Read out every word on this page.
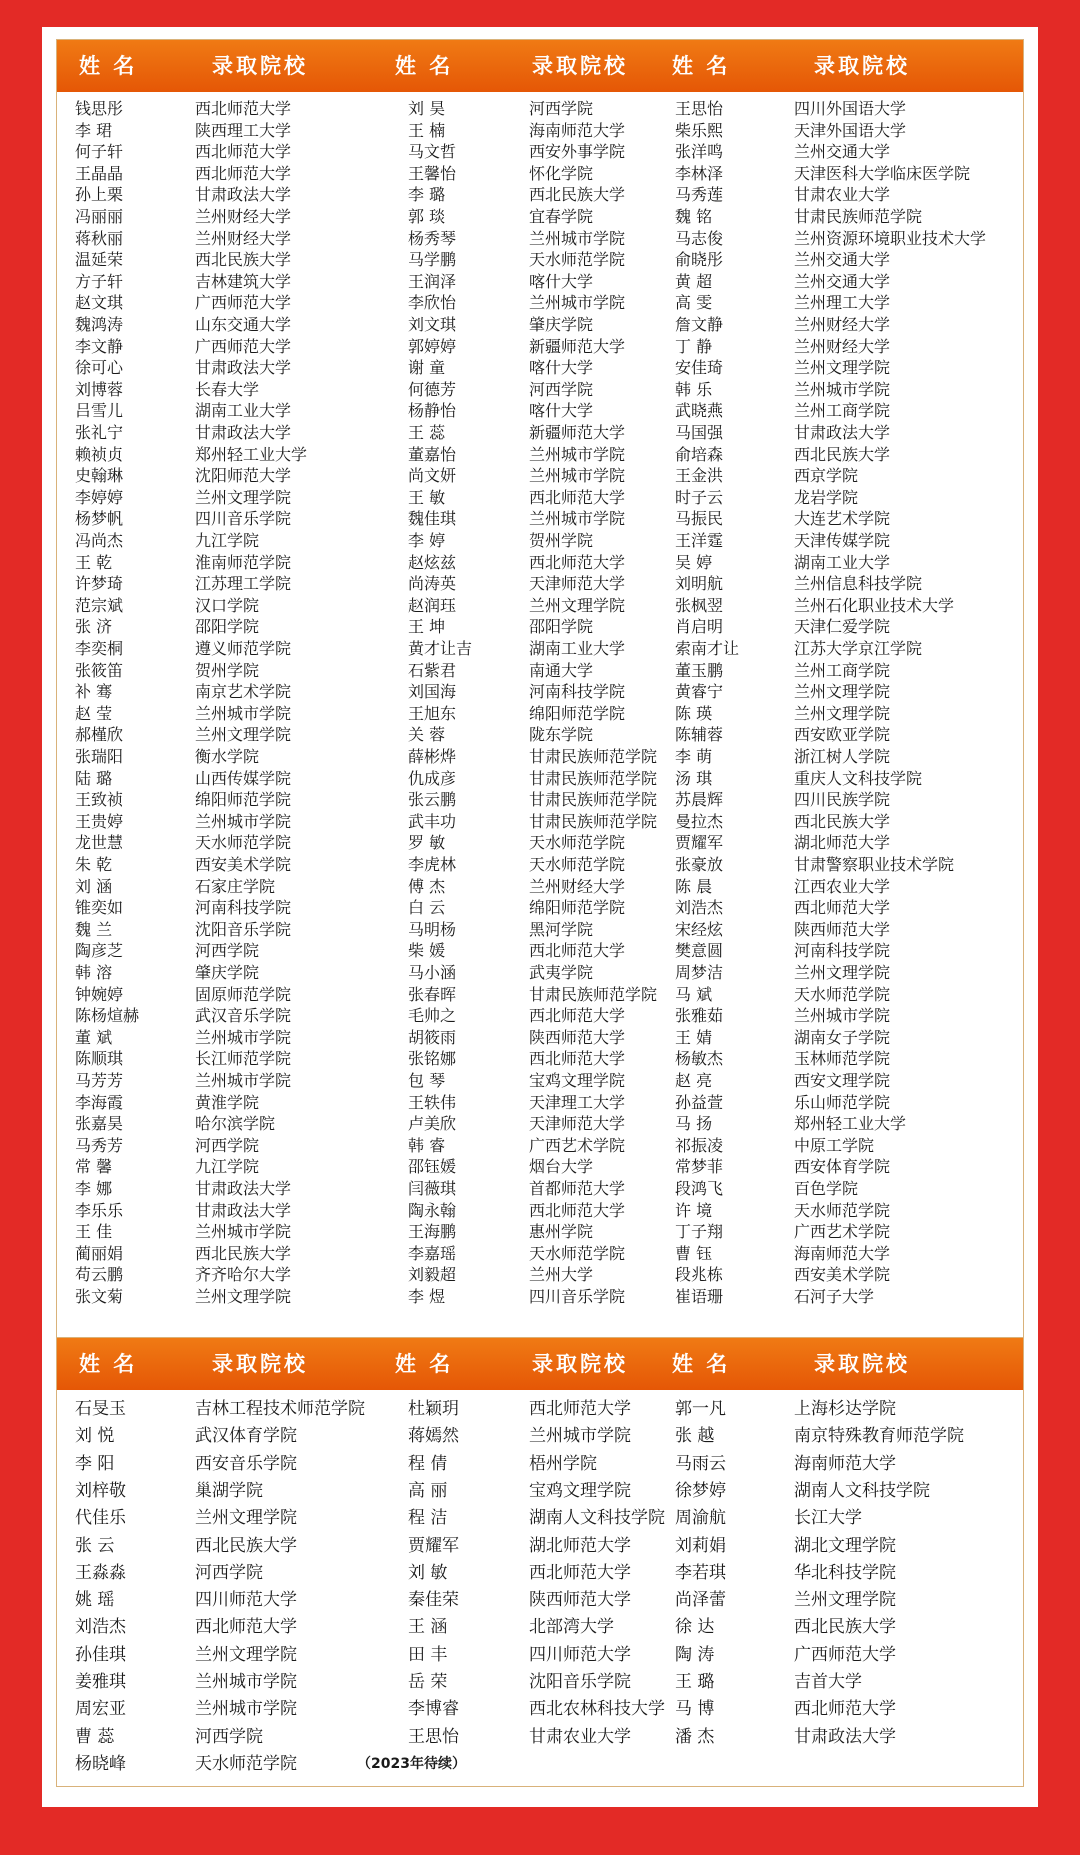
姓 名	录取院校	姓 名	录取院校 姓 名	录取院校
钱思彤	西北师范大学	刘 昊	河西学院	王思怡	四川外国语大学
李 珺	陕西理工大学	王 楠	海南师范大学	柴乐熙	天津外国语大学
何子轩	西北师范大学	马文哲	西安外事学院	张洋鸣	兰州交通大学
王晶晶	西北师范大学	王馨怡	怀化学院	李林泽	天津医科大学临床医学院
孙上栗	甘肃政法大学	李 璐	西北民族大学	马秀莲	甘肃农业大学
冯丽丽	兰州财经大学	郭 琰	宜春学院	魏 铭	甘肃民族师范学院
蒋秋丽	兰州财经大学	杨秀琴	兰州城市学院	马志俊	兰州资源环境职业技术大学
温延荣	西北民族大学	马学鹏	天水师范学院	俞晓彤	兰州交通大学
方子轩	吉林建筑大学	王润泽	喀什大学	黄 超	兰州交通大学
赵文琪	广西师范大学	李欣怡	兰州城市学院	高 雯	兰州理工大学
魏鸿涛	山东交通大学	刘文琪	肇庆学院	詹文静	兰州财经大学
李文静	广西师范大学	郭婷婷	新疆师范大学	丁 静	兰州财经大学
徐可心	甘肃政法大学	谢 童	喀什大学	安佳琦	兰州文理学院
刘博蓉	长春大学	何德芳	河西学院	韩 乐	兰州城市学院
吕雪儿	湖南工业大学	杨静怡	喀什大学	武晓燕	兰州工商学院
张礼宁	甘肃政法大学	王 蕊	新疆师范大学	马国强	甘肃政法大学
赖祯贞	郑州轻工业大学	董嘉怡	兰州城市学院	俞培森	西北民族大学
史翰琳	沈阳师范大学	尚文妍	兰州城市学院	王金洪	西京学院
李婷婷	兰州文理学院	王 敏	西北师范大学	时子云	龙岩学院
杨梦帆	四川音乐学院	魏佳琪	兰州城市学院	马振民	大连艺术学院
冯尚杰	九江学院	李 婷	贺州学院	王洋霆	天津传媒学院
王 乾	淮南师范学院	赵炫兹	西北师范大学	吴 婷	湖南工业大学
许梦琦	江苏理工学院	尚涛英	天津师范大学	刘明航	兰州信息科技学院
范宗斌	汉口学院	赵润珏	兰州文理学院	张枫翌	兰州石化职业技术大学
张 济	邵阳学院	王 坤	邵阳学院	肖启明	天津仁爱学院
李奕桐	遵义师范学院	黄才让吉	湖南工业大学	索南才让	江苏大学京江学院
张筱笛	贺州学院	石紫君	南通大学	董玉鹏	兰州工商学院
补 骞	南京艺术学院	刘国海	河南科技学院	黄睿宁	兰州文理学院
赵 莹	兰州城市学院	王旭东	绵阳师范学院	陈 瑛	兰州文理学院
郝槿欣	兰州文理学院	关 蓉	陇东学院	陈辅蓉	西安欧亚学院
张瑞阳	衡水学院	薛彬烨	甘肃民族师范学院 李 萌	浙江树人学院
陆 璐	山西传媒学院	仇成彦	甘肃民族师范学院 汤 琪	重庆人文科技学院
王致祯	绵阳师范学院	张云鹏	甘肃民族师范学院 苏晨辉	四川民族学院
王贵婷	兰州城市学院	武丰功	甘肃民族师范学院 曼拉杰	西北民族大学
龙世慧	天水师范学院	罗 敏	天水师范学院	贾耀军	湖北师范大学
朱 乾	西安美术学院	李虎林	天水师范学院	张豪放	甘肃警察职业技术学院
刘 涵	石家庄学院	傅 杰	兰州财经大学	陈 晨	江西农业大学
锥奕如	河南科技学院	白 云	绵阳师范学院	刘浩杰	西北师范大学
魏 兰	沈阳音乐学院	马明杨	黑河学院	宋经炫	陕西师范大学
陶彦芝	河西学院	柴 媛	西北师范大学	樊意圆	河南科技学院
韩 溶	肇庆学院	马小涵	武夷学院	周梦洁	兰州文理学院
钟婉婷	固原师范学院	张春晖	甘肃民族师范学院 马 斌	天水师范学院
陈杨煊赫	武汉音乐学院	毛帅之	西北师范大学	张雅茹	兰州城市学院
董 斌	兰州城市学院	胡筱雨	陕西师范大学	王 婧	湖南女子学院
陈顺琪	长江师范学院	张铭娜	西北师范大学	杨敏杰	玉林师范学院
马芳芳	兰州城市学院	包 琴	宝鸡文理学院	赵 亮	西安文理学院
李海霞	黄淮学院	王轶伟	天津理工大学	孙益萱	乐山师范学院
张嘉昊	哈尔滨学院	卢美欣	天津师范大学	马 扬	郑州轻工业大学
马秀芳	河西学院	韩 睿	广西艺术学院	祁振凌	中原工学院
常 馨	九江学院	邵钰媛	烟台大学	常梦菲	西安体育学院
李 娜	甘肃政法大学	闫薇琪	首都师范大学	段鸿飞	百色学院
李乐乐	甘肃政法大学	陶永翰	西北师范大学	许 境	天水师范学院
王 佳	兰州城市学院	王海鹏	惠州学院	丁子翔	广西艺术学院
蔺丽娟	西北民族大学	李嘉瑶	天水师范学院	曹 钰	海南师范大学
苟云鹏	齐齐哈尔大学	刘毅超	兰州大学	段兆栋	西安美术学院
张文菊	兰州文理学院	李 煜	四川音乐学院	崔语珊	石河子大学
姓 名	录取院校	姓 名	录取院校 姓 名	录取院校
石旻玉	吉林工程技术师范学院	杜颖玥	西北师范大学	郭一凡	上海杉达学院
刘 悦	武汉体育学院	蒋嫣然	兰州城市学院	张 越	南京特殊教育师范学院
李 阳	西安音乐学院	程 倩	梧州学院	马雨云	海南师范大学
刘梓敬	巢湖学院	高 丽	宝鸡文理学院	徐梦婷	湖南人文科技学院
代佳乐	兰州文理学院	程 洁	湖南人文科技学院 周渝航	长江大学
张 云	西北民族大学	贾耀军	湖北师范大学	刘莉娟	湖北文理学院
王淼淼	河西学院	刘 敏	西北师范大学	李若琪	华北科技学院
姚 瑶	四川师范大学	秦佳荣	陕西师范大学	尚泽蕾	兰州文理学院
刘浩杰	西北师范大学	王 涵	北部湾大学	徐 达	西北民族大学
孙佳琪	兰州文理学院	田 丰	四川师范大学	陶 涛	广西师范大学
姜雅琪	兰州城市学院	岳 荣	沈阳音乐学院	王 璐	吉首大学
周宏亚	兰州城市学院	李博睿	西北农林科技大学 马 博	西北师范大学
曹 蕊	河西学院	王思怡	甘肃农业大学	潘 杰	甘肃政法大学
杨晓峰	天水师范学院	（2023年待续）
